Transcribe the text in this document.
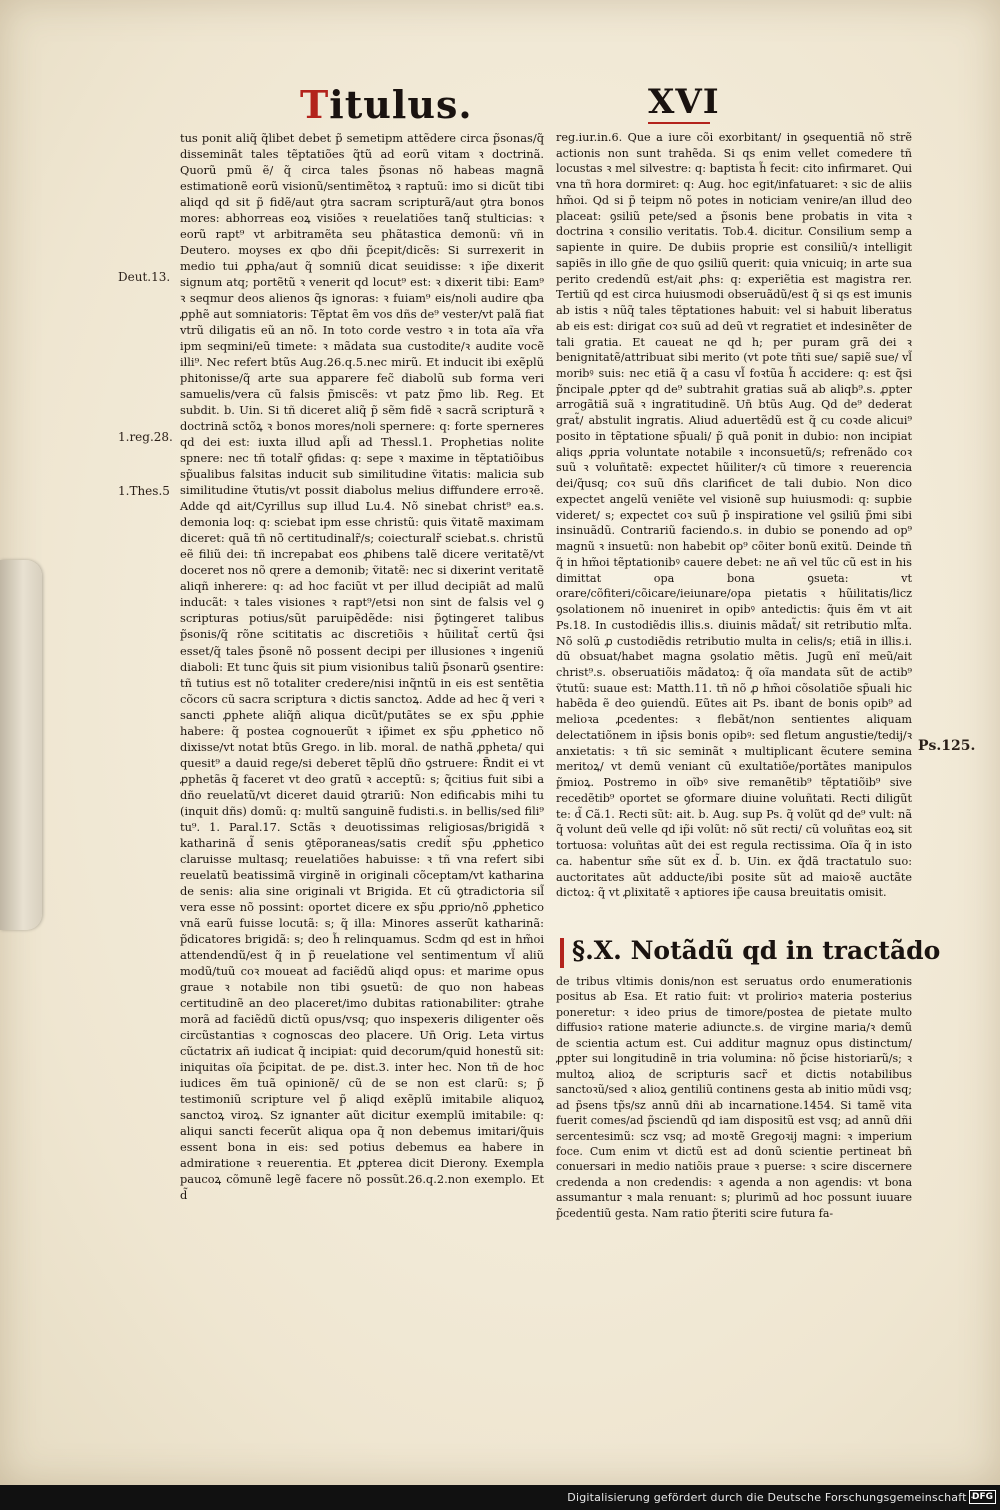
Titulus.	XVI
Deut.13.
1.reg.28.
1.Thes.5
Ps.125.

tus ponit aliq̃ q̃libet debet p̃ semetipm attẽdere circa p̃sonas/q̃ disseminãt tales tẽptatiões q̃tũ ad eorũ vitam ꝛ doctrinã. Quorũ pmũ ẽ/ q̃ circa tales p̃sonas nõ habeas magnã estimationẽ eorũ visionũ/sentimẽtoꝝ ꝛ raptuũ: imo si dicũt tibi aliqd qd sit p̃ fidẽ/aut ꝯtra sacram scripturã/aut ꝯtra bonos mores: abhorreas eoꝝ visiões ꝛ reuelatiões tanq̃ stulticias: ꝛ eorũ rapt⁹ vt arbitramẽta seu phãtastica demonũ: vñ in Deutero. moyses ex ɋbo dñi p̃cepit/dicẽs: Si surrexerit in medio tui ꝓpha/aut q̃ somniũ dicat seuidisse: ꝛ ip̃e dixerit signum atq; portẽtũ ꝛ venerit qd locut⁹ est: ꝛ dixerit tibi: Eam⁹ ꝛ seqmur deos alienos q̃s ignoras: ꝛ fuiam⁹ eis/noli audire ɋba ꝓphẽ aut somniatoris: Tẽptat ẽm vos dñs de⁹ vester/vt palã fiat vtrũ diligatis eũ an nõ. In toto corde vestro ꝛ in tota aĩa vr̃a ipm seqmini/eũ timete: ꝛ mãdata sua custodite/ꝛ audite vocẽ illi⁹. Nec refert btũs Aug.26.q.5.nec mirũ. Et inducit ibi exẽplũ phitonisse/q̃ arte sua apparere fec̃ diabolũ sub forma veri samuelis/vera cũ falsis p̃miscẽs: vt patz p̃mo lib. Reg. Et subdit. b. Uin. Si tñ diceret aliq̃ p̃ sẽm fidẽ ꝛ sacrã scripturã ꝛ doctrinã sctõꝝ ꝛ bonos mores/noli spernere: q: forte sperneres qd dei est: iuxta illud apl̃i ad Thessl.1. Prophetias nolite spnere: nec tñ totalr̃ ꝯfidas: q: sepe ꝛ maxime in tẽptatiõibus sp̃ualibus falsitas inducit sub similitudine ṽitatis: malicia sub similitudine ṽtutis/vt possit diabolus melius diffundere erroꝛẽ. Adde qd ait/Cyrillus sup illud Lu.4. Nõ sinebat christ⁹ ea.s. demonia loq: q: sciebat ipm esse christũ: quis ṽitatẽ maximam diceret: quã tñ nõ certitudinalr̃/s; coiecturalr̃ sciebat.s. christũ eẽ filiũ dei: tñ increpabat eos ꝓhibens talẽ dicere veritatẽ/vt doceret nos nõ ɋrere a demonib; ṽitatẽ: nec si dixerint veritatẽ aliqñ inherere: q: ad hoc faciũt vt per illud decipiãt ad malũ inducãt: ꝛ tales visiones ꝛ rapt⁹/etsi non sint de falsis vel ꝯ scripturas potius/sũt paruipẽdẽde: nisi p̃ꝯtingeret talibus p̃sonis/q̃ rõne scititatis ac discretiõis ꝛ hũilitat̃ certũ q̃si esset/q̃ tales p̃sonẽ nõ possent decipi per illusiones ꝛ ingeniũ diaboli: Et tunc q̃uis sit pium visionibus taliũ p̃sonarũ ꝯsentire: tñ tutius est nõ totaliter credere/nisi inq̃ntũ in eis est sentẽtia cõcors cũ sacra scriptura ꝛ dictis sanctoꝝ. Adde ad hec q̃ veri ꝛ sancti ꝓphete aliq̃ñ aliqua dicũt/putãtes se ex sp̃u ꝓphie habere: q̃ postea cognouerũt ꝛ ip̃imet ex sp̃u ꝓphetico nõ dixisse/vt notat btũs Grego. in lib. moral. de nathã ꝓpheta/ qui quesit⁹ a dauid rege/si deberet tẽplũ dño ꝯstruere: R̃ndit ei vt ꝓphetãs q̃ faceret vt deo gratũ ꝛ acceptũ: s; q̃citius fuit sibi a dño reuelatũ/vt diceret dauid ꝯtrariũ: Non edificabis mihi tu (inquit dñs) domũ: q: multũ sanguinẽ fudisti.s. in bellis/sed fili⁹ tu⁹. 1. Paral.17. Sctãs ꝛ deuotissimas religiosas/brigidã ꝛ katharinã d̃ senis ꝯtẽporaneas/satis credit̃ sp̃u ꝓphetico claruisse multasq; reuelatiões habuisse: ꝛ tñ vna refert sibi reuelatũ beatissimã virginẽ in originali cõceptam/vt katharina de senis: alia sine originali vt Brigida. Et cũ ꝯtradictoria sil̃ vera esse nõ possint: oportet dicere ex sp̃u ꝓprio/nõ ꝓphetico vnã earũ fuisse locutã: s; q̃ illa: Minores asserũt katharinã: p̃dicatores brigidã: s; deo h̃ relinquamus. Scdm qd est in hm̃oi attendendũ/est q̃ in p̃ reuelatione vel sentimentum vl̃ aliũ modũ/tuũ coꝛ moueat ad faciẽdũ aliqd opus: et marime opus graue ꝛ notabile non tibi ꝯsuetũ: de quo non habeas certitudinẽ an deo placeret/imo dubitas rationabiliter: ꝯtrahe morã ad faciẽdũ dictũ opus/vsq; quo inspexeris diligenter oẽs circũstantias ꝛ cognoscas deo placere. Un̄ Orig. Leta virtus cũctatrix añ iudicat q̃ incipiat: quid decorum/quid honestũ sit: iniquitas oĩa p̃cipitat. de pe. dist.3. inter hec. Non tñ de hoc iudices ẽm tuã opinionẽ/ cũ de se non est clarũ: s; p̃ testimoniũ scripture vel p̃ aliqd exẽplũ imitabile aliquoꝝ sanctoꝝ viroꝝ. Sz ignanter aũt dicitur exemplũ imitabile: q: aliqui sancti fecerũt aliqua opa q̃ non debemus imitari/q̃uis essent bona in eis: sed potius debemus ea habere in admiratione ꝛ reuerentia. Et ꝓpterea dicit Dierony. Exempla paucoꝝ cõmunẽ legẽ facere nõ possũt.26.q.2.non exemplo. Et d̃

reg.iur.in.6. Que a iure cõi exorbitant/ in ꝯsequentiã nõ strẽ actionis non sunt trahẽda. Si qs enim vellet comedere tñ locustas ꝛ mel silvestre: q: baptista h̃ fecit: cito infirmaret. Qui vna tñ hora dormiret: q: Aug. hoc egit/infatuaret: ꝛ sic de aliis hm̃oi. Qd si p̃ teipm nõ potes in noticiam venire/an illud deo placeat: ꝯsiliũ pete/sed a p̃sonis bene probatis in vita ꝛ doctrina ꝛ consilio veritatis. Tob.4. dicitur. Consilium semp a sapiente in quire. De dubiis proprie est consiliũ/ꝛ intelligit sapiẽs in illo gñe de quo ꝯsiliũ querit: quia vnicuiq; in arte sua perito credendũ est/ait ꝓhs: q: experiẽtia est magistra rer. Tertiũ qd est circa huiusmodi obseruãdũ/est q̃ si qs est imunis ab istis ꝛ nũq̃ tales tẽptationes habuit: vel si habuit liberatus ab eis est: dirigat coꝛ suũ ad deũ vt regratiet et indesinẽter de tali gratia. Et caueat ne qd h; per puram grã dei ꝛ benignitatẽ/attribuat sibi merito (vt pote tñti sue/ sapiẽ sue/ vl̃ moribꝰ suis: nec etiã q̃ a casu vl̃ foꝛtũa h̃ accidere: q: est q̃si p̃ncipale ꝓpter qd de⁹ subtrahit gratias suã ab aliqb⁹.s. ꝓpter arrogãtiã suã ꝛ ingratitudinẽ. Un̄ btũs Aug. Qd de⁹ dederat grat̃/ abstulit ingratis. Aliud aduertẽdũ est q̃ cu coꝛde alicui⁹ posito in tẽptatione sp̃uali/ p̃ quã ponit in dubio: non incipiat aliqs ꝓpria voluntate notabile ꝛ inconsuetũ/s; refrenãdo coꝛ suũ ꝛ voluñtatẽ: expectet hũiliter/ꝛ cũ timore ꝛ reuerencia dei/q̃usq; coꝛ suũ dñs clarificet de tali dubio. Non dico expectet angelũ veniẽte vel visionẽ sup huiusmodi: q: supbie videret/ s; expectet coꝛ suũ p̃ inspiratione vel ꝯsiliũ p̃mi sibi insinuãdũ. Contrariũ faciendo.s. in dubio se ponendo ad op⁹ magnũ ꝛ insuetũ: non habebit op⁹ cõiter bonũ exitũ. Deinde tñ q̃ in hm̃oi tẽptationibꝰ cauere debet: ne añ vel tũc cũ est in his dimittat opa bona ꝯsueta: vt orare/cõfiteri/cõicare/ieiunare/opa pietatis ꝛ hũilitatis/licz ꝯsolationem nõ inueniret in opibꝰ antedictis: q̃uis ẽm vt ait Ps.18. In custodiẽdis illis.s. diuinis mãdat̃/ sit retributio mlt̃a. Nõ solũ ꝓ custodiẽdis retributio multa in celis/s; etiã in illis.i. dũ obsuat/habet magna ꝯsolatio mẽtis. Jugũ enĩ meũ/ait christ⁹.s. obseruatiõis mãdatoꝝ: q̃ oĩa mandata sũt de actib⁹ ṽtutũ: suaue est: Matth.11. tñ nõ ꝓ hm̃oi cõsolatiõe sp̃uali hic habẽda ẽ deo ꝯuiendũ. Eũtes ait Ps. ibant de bonis opib⁹ ad melioꝛa ꝓcedentes: ꝛ flebãt/non sentientes aliquam delectatiõnem in ip̃sis bonis opibꝰ: sed fletum angustie/tedij/ꝛ anxietatis: ꝛ tñ sic seminãt ꝛ multiplicant ẽcutere semina meritoꝝ/ vt demũ veniant cũ exultatiõe/portãtes manipulos p̃mioꝝ. Postremo in oĩbꝰ sive remanẽtib⁹ tẽptatiõib⁹ sive recedẽtib⁹ oportet se ꝯformare diuine voluñtati. Recti diligũt te: d̃ Cã.1. Recti sũt: ait. b. Aug. sup Ps. q̃ volũt qd de⁹ vult: nã q̃ volunt deũ velle qd ip̃i volũt: nõ sũt recti/ cũ voluñtas eoꝝ sit tortuosa: voluñtas aũt dei est regula rectissima. Oĩa q̃ in isto ca. habentur sm̃e sũt ex d̃. b. Uin. ex q̃dã tractatulo suo: auctoritates aũt adducte/ibi posite sũt ad maioꝛẽ auctãte dictoꝝ: q̃ vt ꝓlixitatẽ ꝛ aptiores ip̃e causa breuitatis omisit.

§.X. Notãdũ qd in tractãdo

de tribus vltimis donis/non est seruatus ordo enumerationis positus ab Esa. Et ratio fuit: vt prolirioꝛ materia posterius poneretur: ꝛ ideo prius de timore/postea de pietate multo diffusioꝛ ratione materie adiuncte.s. de virgine maria/ꝛ demũ de scientia actum est. Cui additur magnuz opus distinctum/ꝓpter sui longitudinẽ in tria volumina: nõ p̃cise historiarũ/s; ꝛ multoꝝ alioꝝ de scripturis sacr̃ et dictis notabilibus sanctoꝛũ/sed ꝛ alioꝝ gentiliũ continens gesta ab initio mũdi vsq; ad p̃sens tp̃s/sz annũ dñi ab incarnatione.1454. Si tamẽ vita fuerit comes/ad p̃sciendũ qd iam dispositũ est vsq; ad annũ dñi sercentesimũ: scz vsq; ad moꝛtẽ Gregoꝛij magni: ꝛ imperium foce. Cum enim vt dictũ est ad donũ scientie pertineat bñ conuersari in medio natiõis praue ꝛ puerse: ꝛ scire discernere credenda a non credendis: ꝛ agenda a non agendis: vt bona assumantur ꝛ mala renuant: s; plurimũ ad hoc possunt iuuare p̃cedentiũ gesta. Nam ratio p̃teriti scire futura fa-

Digitalisierung gefördert durch die Deutsche Forschungsgemeinschaft ·
DFG
